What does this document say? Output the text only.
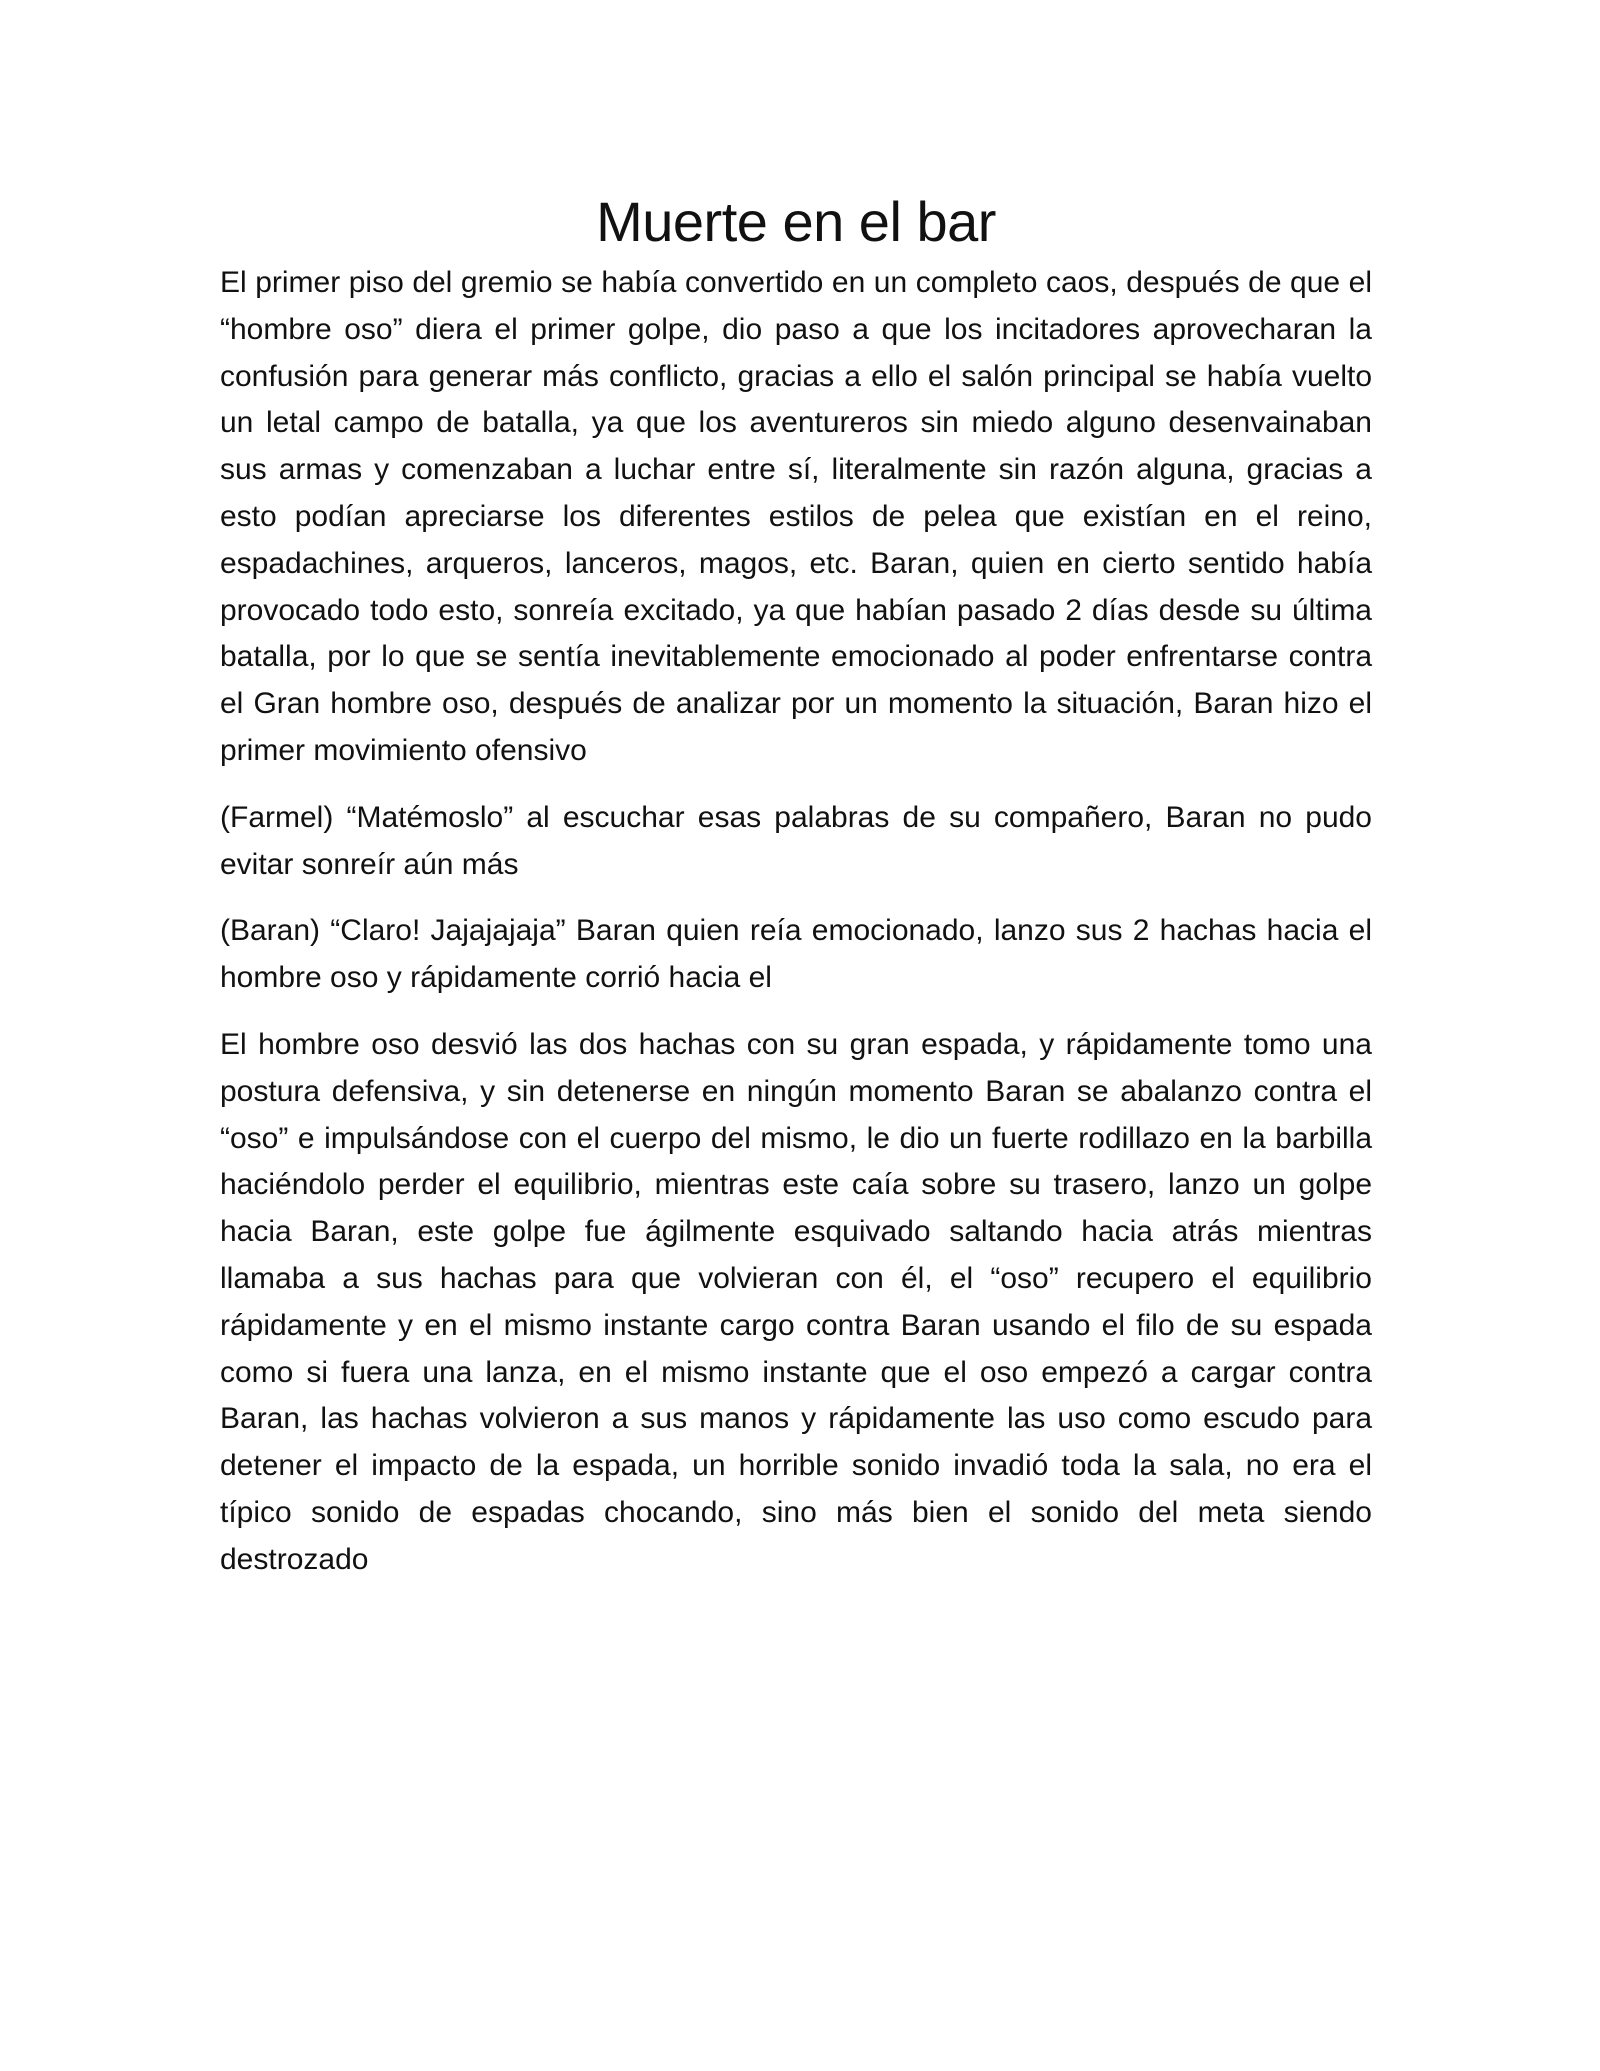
Muerte en el bar

El primer piso del gremio se había convertido en un completo caos, después de que el “hombre oso” diera el primer golpe, dio paso a que los incitadores aprovecharan la confusión para generar más conflicto, gracias a ello el salón principal se había vuelto un letal campo de batalla, ya que los aventureros sin miedo alguno desenvainaban sus armas y comenzaban a luchar entre sí, literalmente sin razón alguna, gracias a esto podían apreciarse los diferentes estilos de pelea que existían en el reino, espadachines, arqueros, lanceros, magos, etc. Baran, quien en cierto sentido había provocado todo esto, sonreía excitado, ya que habían pasado 2 días desde su última batalla, por lo que se sentía inevitablemente emocionado al poder enfrentarse contra el Gran hombre oso, después de analizar por un momento la situación, Baran hizo el primer movimiento ofensivo

(Farmel) “Matémoslo” al escuchar esas palabras de su compañero, Baran no pudo evitar sonreír aún más

(Baran) “Claro! Jajajajaja” Baran quien reía emocionado, lanzo sus 2 hachas hacia el hombre oso y rápidamente corrió hacia el

El hombre oso desvió las dos hachas con su gran espada, y rápidamente tomo una postura defensiva, y sin detenerse en ningún momento Baran se abalanzo contra el “oso” e impulsándose con el cuerpo del mismo, le dio un fuerte rodillazo en la barbilla haciéndolo perder el equilibrio, mientras este caía sobre su trasero, lanzo un golpe hacia Baran, este golpe fue ágilmente esquivado saltando hacia atrás mientras llamaba a sus hachas para que volvieran con él, el “oso” recupero el equilibrio rápidamente y en el mismo instante cargo contra Baran usando el filo de su espada como si fuera una lanza, en el mismo instante que el oso empezó a cargar contra Baran, las hachas volvieron a sus manos y rápidamente las uso como escudo para detener el impacto de la espada, un horrible sonido invadió toda la sala, no era el típico sonido de espadas chocando, sino más bien el sonido del meta siendo destrozado
